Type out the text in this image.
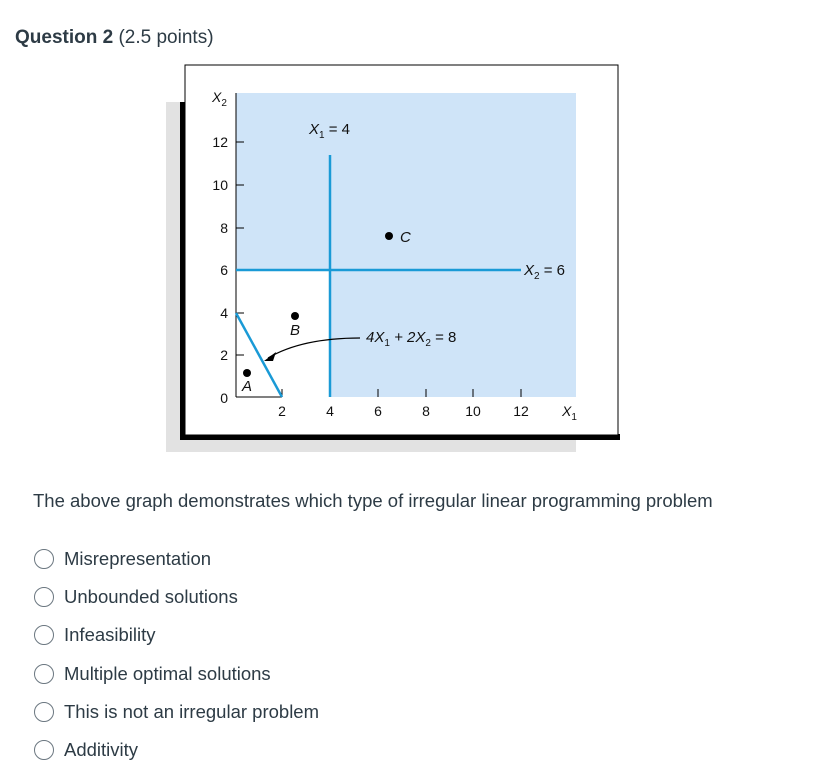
Question 2 (2.5 points)
12
10
8
6
4
2
0
2	4	6	8	10 12
$X_2$
$X_1$
$X_1 = 4$
$X_2 = 6$
$4X_1 + 2X_2 = 8$
A
B
C
The above graph demonstrates which type of irregular linear programming problem
Misrepresentation
Unbounded solutions
Infeasibility
Multiple optimal solutions
This is not an irregular problem
Additivity
